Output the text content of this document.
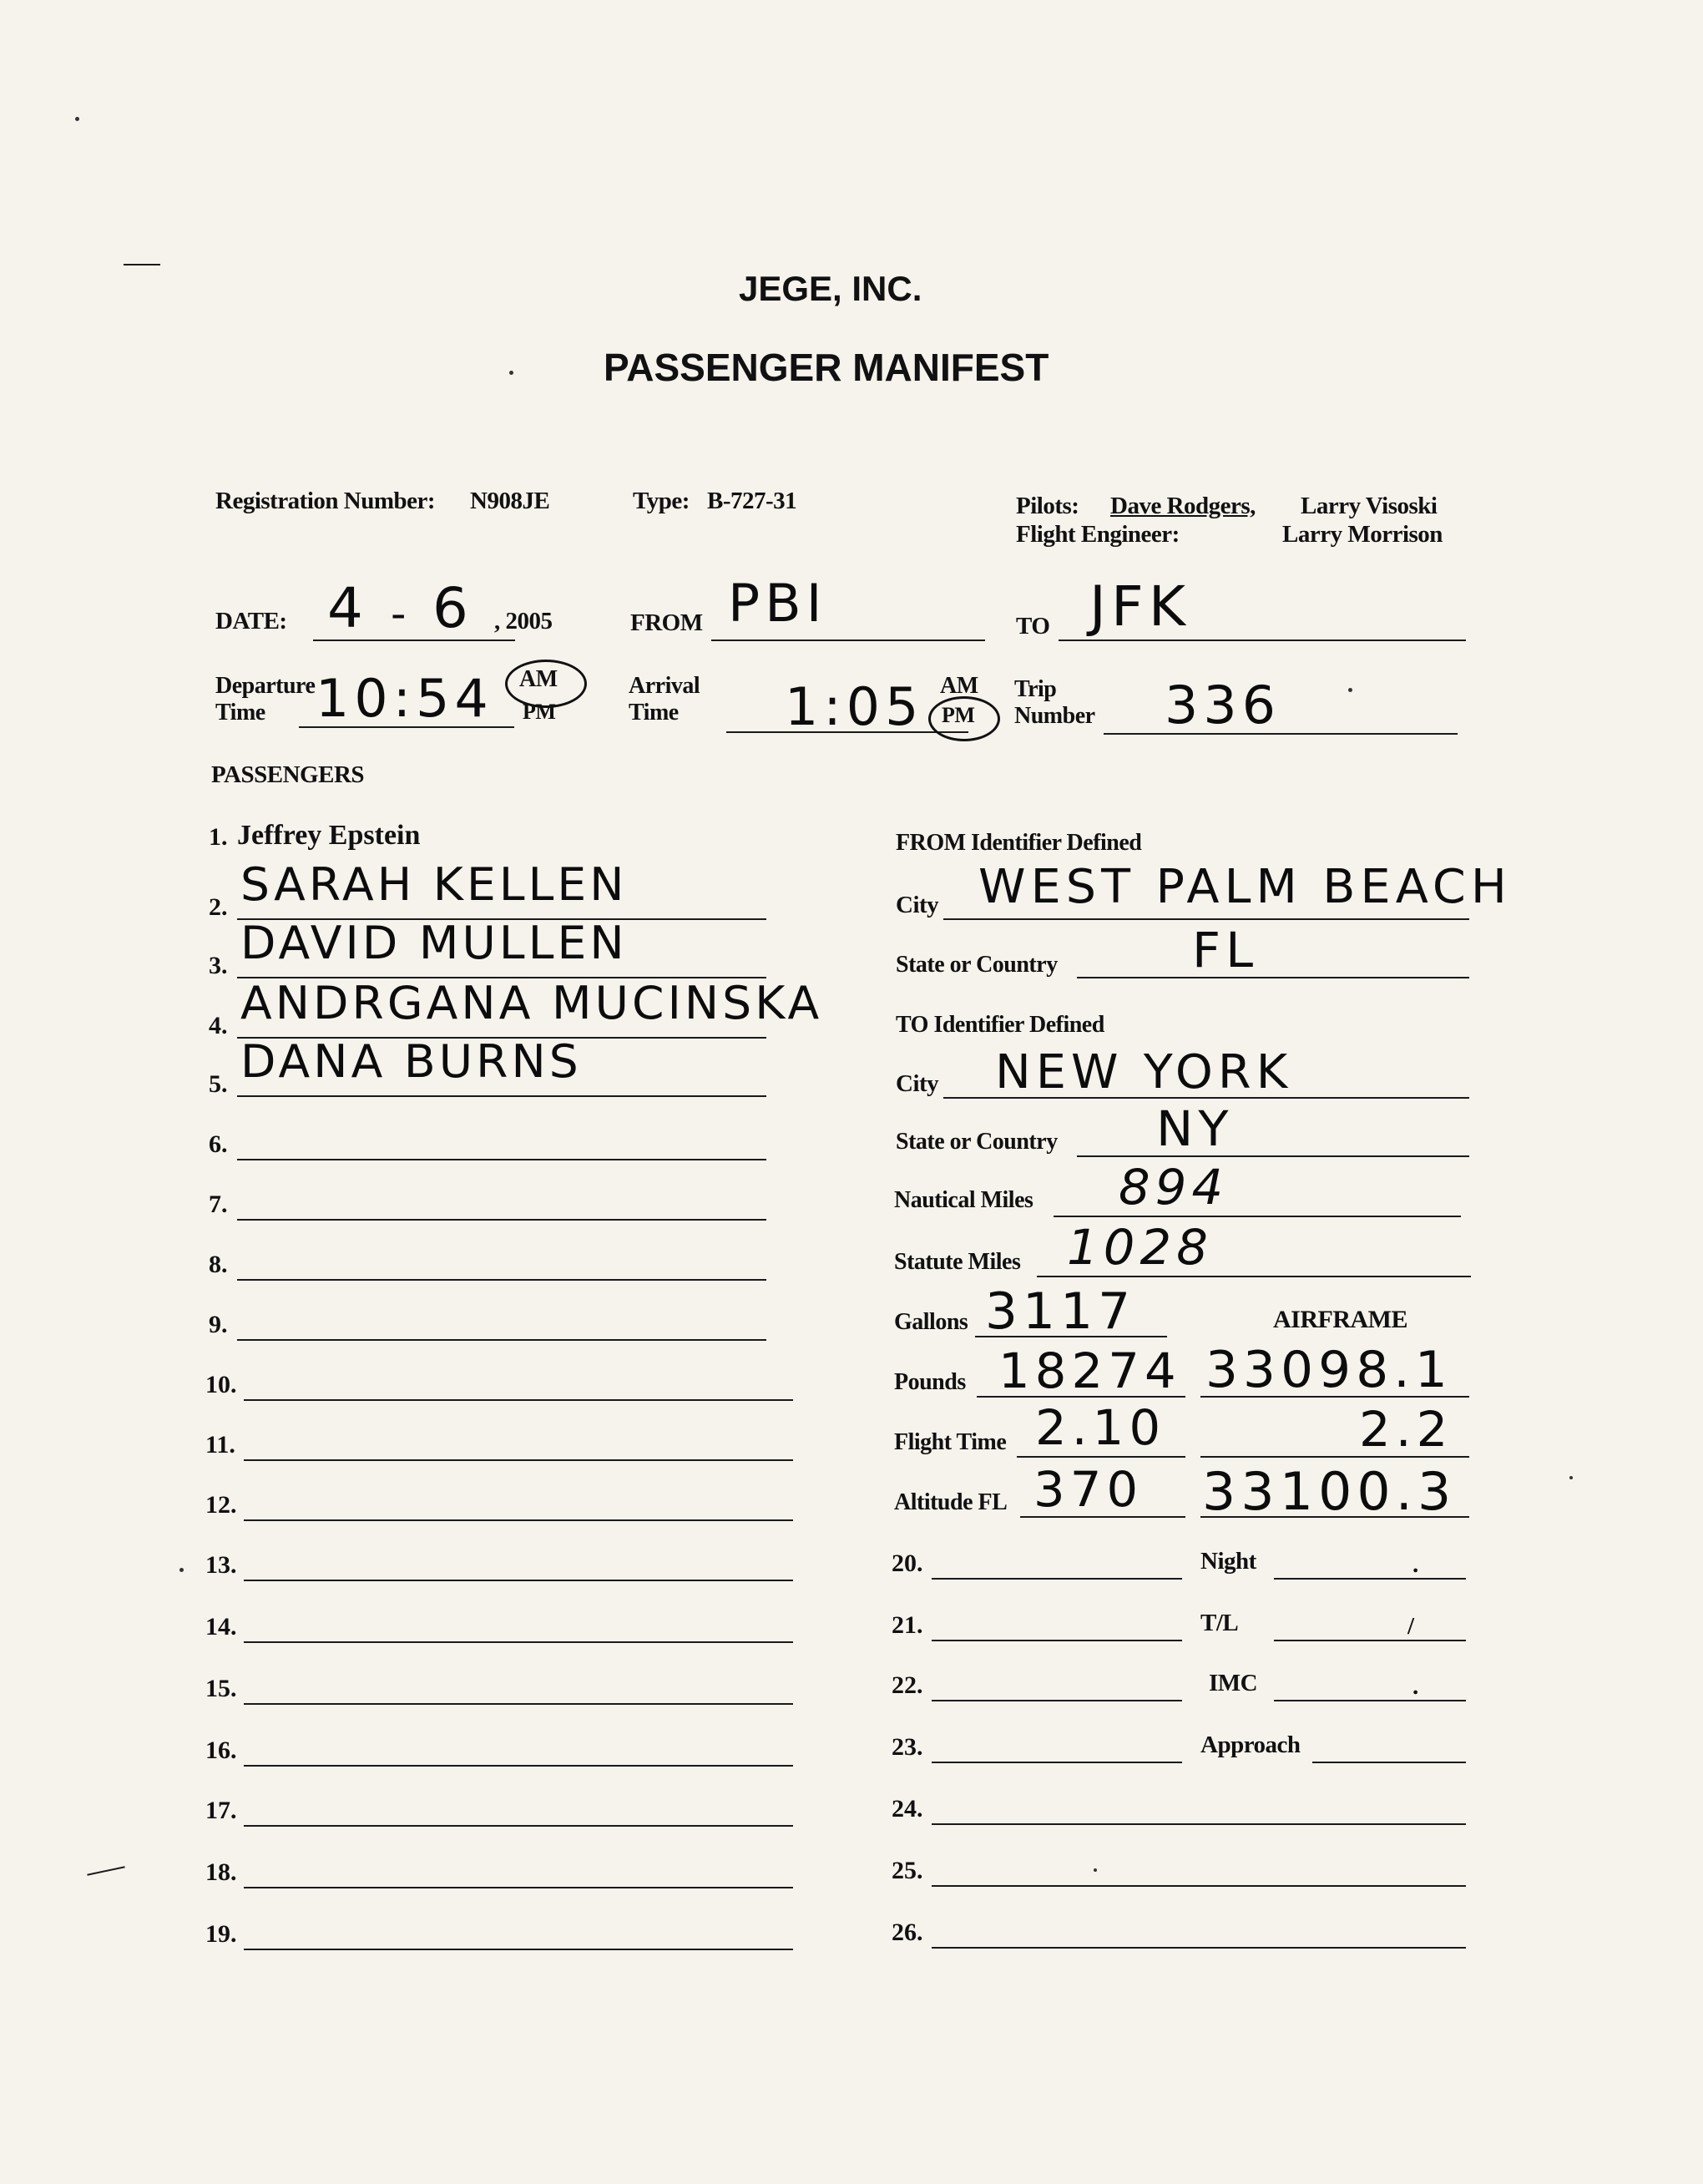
JEGE, INC.
PASSENGER MANIFEST
Registration Number: N908JE	Type: B-727-31	Pilots: Dave Rodgers, Larry Visoski
Flight Engineer:	Larry Morrison
DATE: 4 - 6 , 2005	FROM PBI	TO JFK
Departure
Time 10:54 AM
PM
Arrival
Time	1:05 AM
PM
Trip
Number 336
PASSENGERS
1. Jeffrey Epstein
2. SARAH KELLEN
3. DAVID MULLEN
4. ANDRGANA MUCINSKA
5. DANA BURNS
6.
7.
8.
9.
10.
11.
12.
13.
14.
15.
16.
17.
18.
19.
FROM Identifier Defined
City WEST PALM BEACH
State or Country	FL
TO Identifier Defined
City NEW YORK
State or Country NY
Nautical Miles 894
Statute Miles 1028
Gallons 3117	AIRFRAME
Pounds 18274 33098.1
Flight Time 2.10	2.2
Altitude FL 370 33100.3
20.	Night	.
21.	T/L	/
22.	IMC	.
23.	Approach
24.
25.
26.
